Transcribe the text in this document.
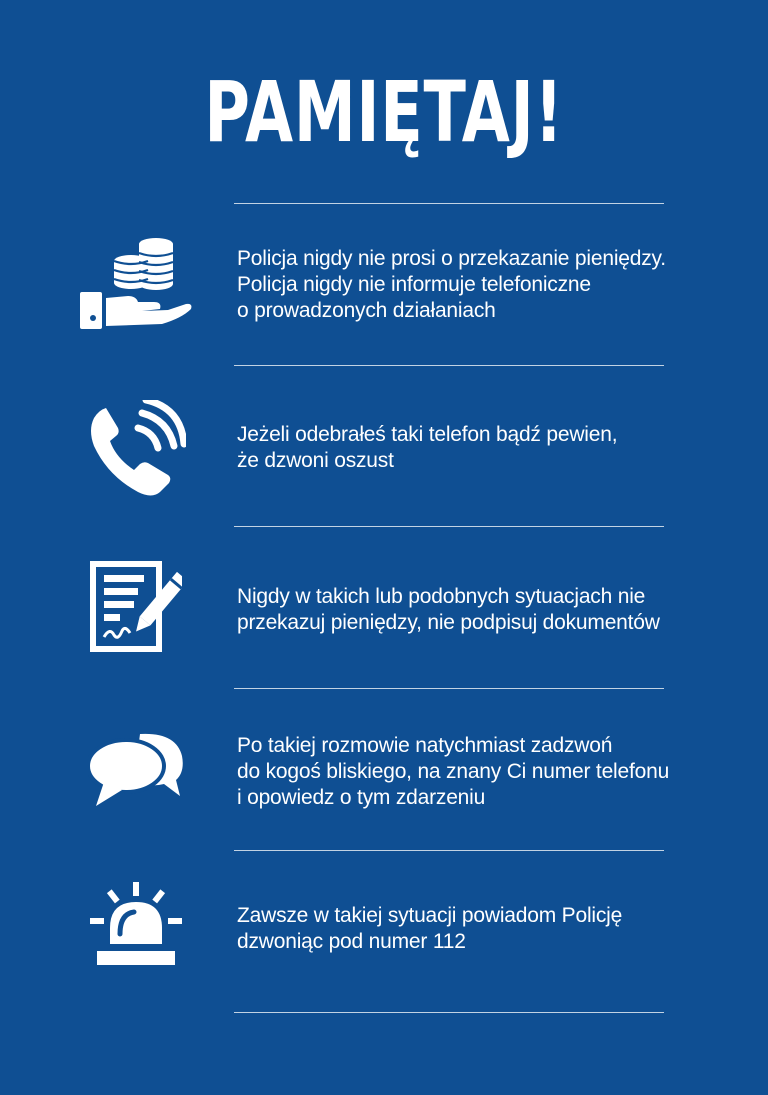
PAMIĘTAJ!
Policja nigdy nie prosi o przekazanie pieniędzy.
Policja nigdy nie informuje telefoniczne
o prowadzonych działaniach
Jeżeli odebrałeś taki telefon bądź pewien,
że dzwoni oszust
Nigdy w takich lub podobnych sytuacjach nie
przekazuj pieniędzy, nie podpisuj dokumentów
Po takiej rozmowie natychmiast zadzwoń
do kogoś bliskiego, na znany Ci numer telefonu
i opowiedz o tym zdarzeniu
Zawsze w takiej sytuacji powiadom Policję
dzwoniąc pod numer 112
